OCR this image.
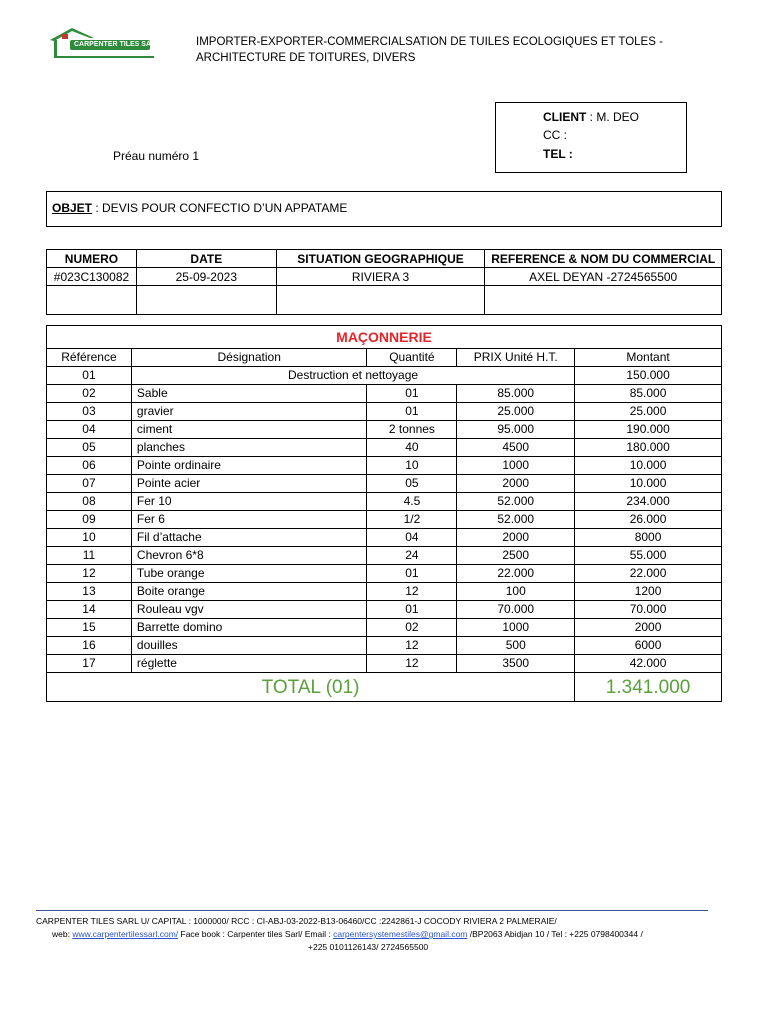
CARPENTER TILES SARL	IMPORTER-EXPORTER-COMMERCIALSATION DE TUILES ECOLOGIQUES ET TOLES -
ARCHITECTURE DE TOITURES, DIVERS
Préau numéro 1
CLIENT : M. DEO
CC :
TEL :
OBJET : DEVIS POUR CONFECTIO D’UN APPATAME
NUMERO	DATE	SITUATION GEOGRAPHIQUE	REFERENCE & NOM DU COMMERCIAL
#023C130082	25-09-2023	RIVIERA 3	AXEL DEYAN -2724565500

MAÇONNERIE				
Référence	Désignation	Quantité	PRIX Unité H.T.	Montant
01	Destruction et nettoyage			150.000
02	Sable	01	85.000	85.000
03	gravier	01	25.000	25.000
04	ciment	2 tonnes	95.000	190.000
05	planches	40	4500	180.000
06	Pointe ordinaire	10	1000	10.000
07	Pointe acier	05	2000	10.000
08	Fer 10	4.5	52.000	234.000
09	Fer 6	1/2	52.000	26.000
10	Fil d’attache	04	2000	8000
11	Chevron 6*8	24	2500	55.000
12	Tube orange	01	22.000	22.000
13	Boite orange	12	100	1200
14	Rouleau vgv	01	70.000	70.000
15	Barrette domino	02	1000	2000
16	douilles	12	500	6000
17	réglette	12	3500	42.000
TOTAL (01)				1.341.000
CARPENTER TILES SARL U/ CAPITAL : 1000000/ RCC : CI-ABJ-03-2022-B13-06460/CC :2242861-J COCODY RIVIERA 2 PALMERAIE/
web: www.carpentertilessarl.com/ Face book : Carpenter tiles Sarl/ Email : carpentersystemestiles@gmail.com /BP2063 Abidjan 10 / Tel : +225 0798400344 /
+225 0101126143/ 2724565500
